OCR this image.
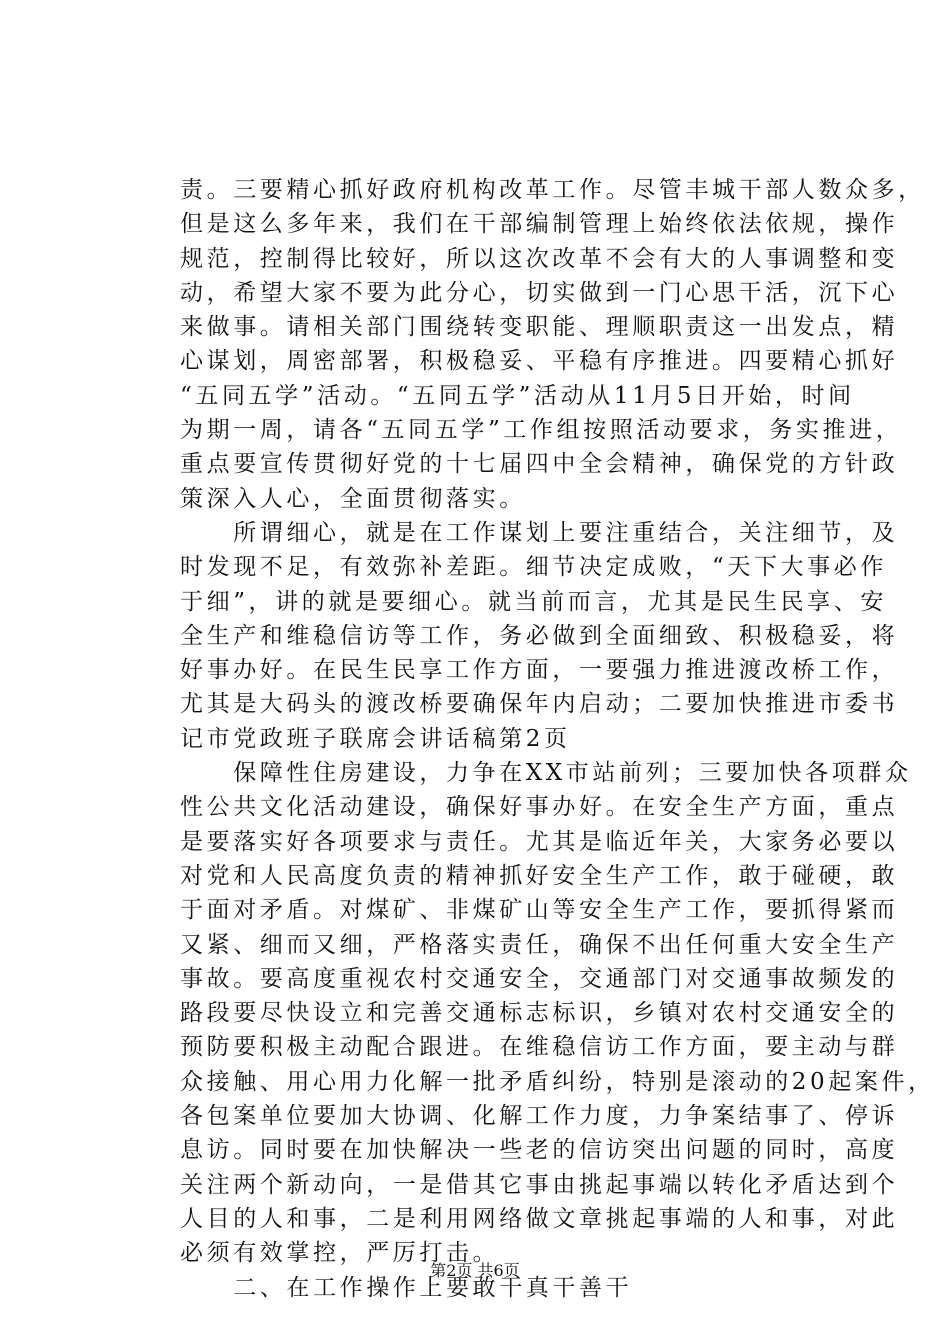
责。三要精心抓好政府机构改革工作。尽管丰城干部人数众多，
但是这么多年来，我们在干部编制管理上始终依法依规，操作
规范，控制得比较好，所以这次改革不会有大的人事调整和变
动，希望大家不要为此分心，切实做到一门心思干活，沉下心
来做事。请相关部门围绕转变职能、理顺职责这一出发点，精
心谋划，周密部署，积极稳妥、平稳有序推进。四要精心抓好
“五同五学”活动。“五同五学”活动从11月5日开始，时间
为期一周，请各“五同五学”工作组按照活动要求，务实推进，
重点要宣传贯彻好党的十七届四中全会精神，确保党的方针政
策深入人心，全面贯彻落实。
　　所谓细心，就是在工作谋划上要注重结合，关注细节，及
时发现不足，有效弥补差距。细节决定成败，“天下大事必作
于细”，讲的就是要细心。就当前而言，尤其是民生民享、安
全生产和维稳信访等工作，务必做到全面细致、积极稳妥，将
好事办好。在民生民享工作方面，一要强力推进渡改桥工作，
尤其是大码头的渡改桥要确保年内启动；二要加快推进市委书
记市党政班子联席会讲话稿第2页
　　保障性住房建设，力争在XX市站前列；三要加快各项群众
性公共文化活动建设，确保好事办好。在安全生产方面，重点
是要落实好各项要求与责任。尤其是临近年关，大家务必要以
对党和人民高度负责的精神抓好安全生产工作，敢于碰硬，敢
于面对矛盾。对煤矿、非煤矿山等安全生产工作，要抓得紧而
又紧、细而又细，严格落实责任，确保不出任何重大安全生产
事故。要高度重视农村交通安全，交通部门对交通事故频发的
路段要尽快设立和完善交通标志标识，乡镇对农村交通安全的
预防要积极主动配合跟进。在维稳信访工作方面，要主动与群
众接触、用心用力化解一批矛盾纠纷，特别是滚动的20起案件，
各包案单位要加大协调、化解工作力度，力争案结事了、停诉
息访。同时要在加快解决一些老的信访突出问题的同时，高度
关注两个新动向，一是借其它事由挑起事端以转化矛盾达到个
人目的人和事，二是利用网络做文章挑起事端的人和事，对此
必须有效掌控，严厉打击。
　　二、在工作操作上要敢干真干善干
第2页 共6页
